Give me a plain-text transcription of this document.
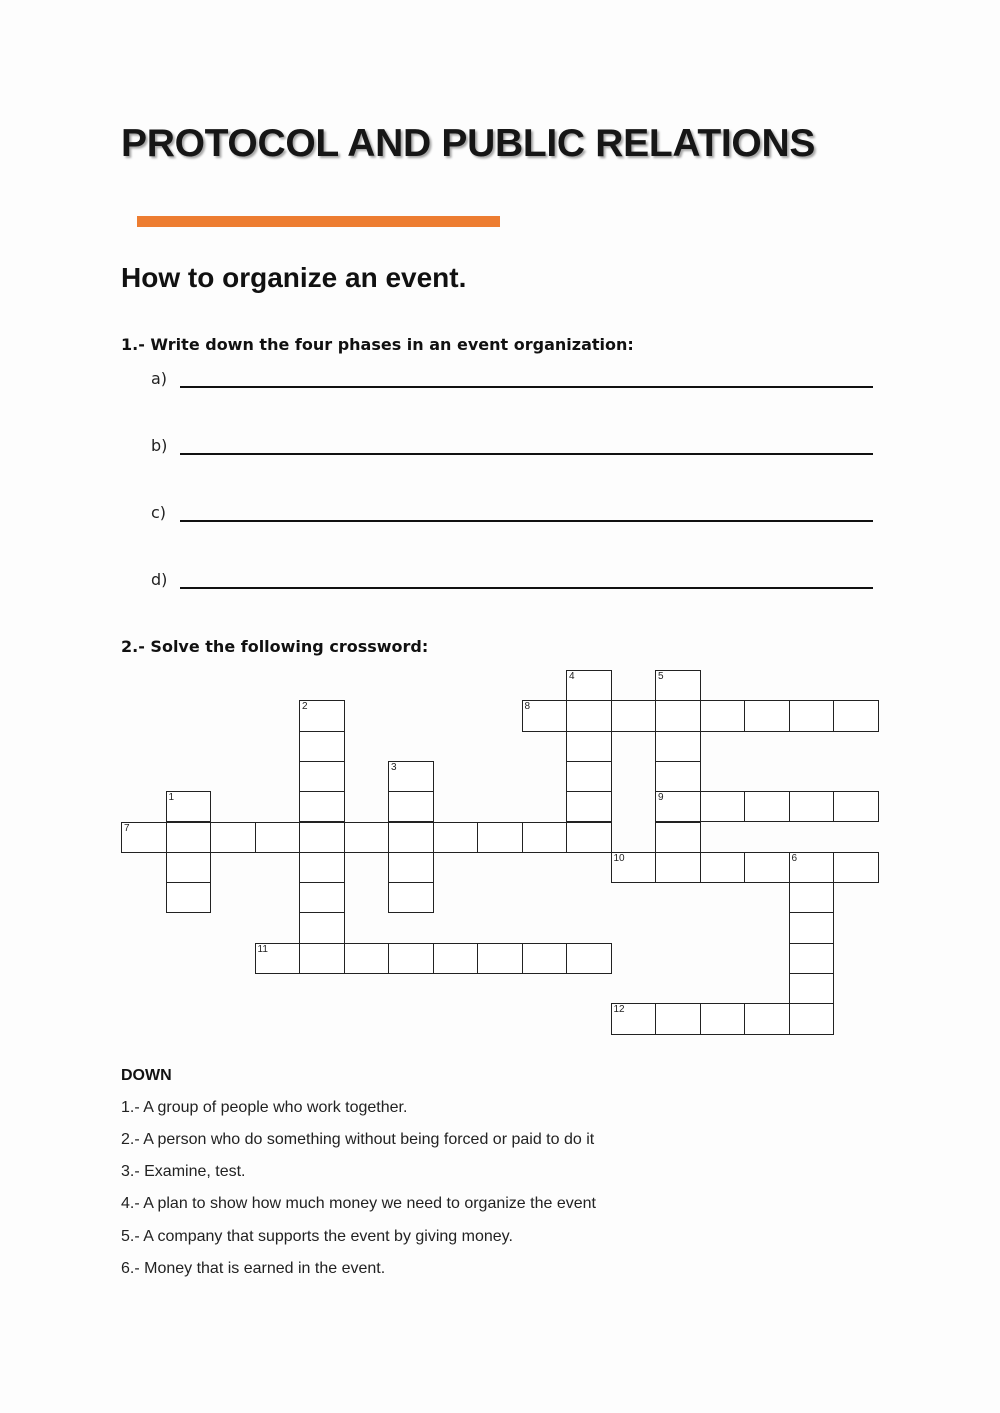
PROTOCOL AND PUBLIC RELATIONS
How to organize an event.
1.- Write down the four phases in an event organization:
a)
b)
c)
d)
2.- Solve the following crossword:
1
2
3
4	5
9
6
7
8
10
11
12
DOWN
1.- A group of people who work together.
2.- A person who do something without being forced or paid to do it
3.- Examine, test.
4.- A plan to show how much money we need to organize the event
5.- A company that supports the event by giving money.
6.- Money that is earned in the event.
